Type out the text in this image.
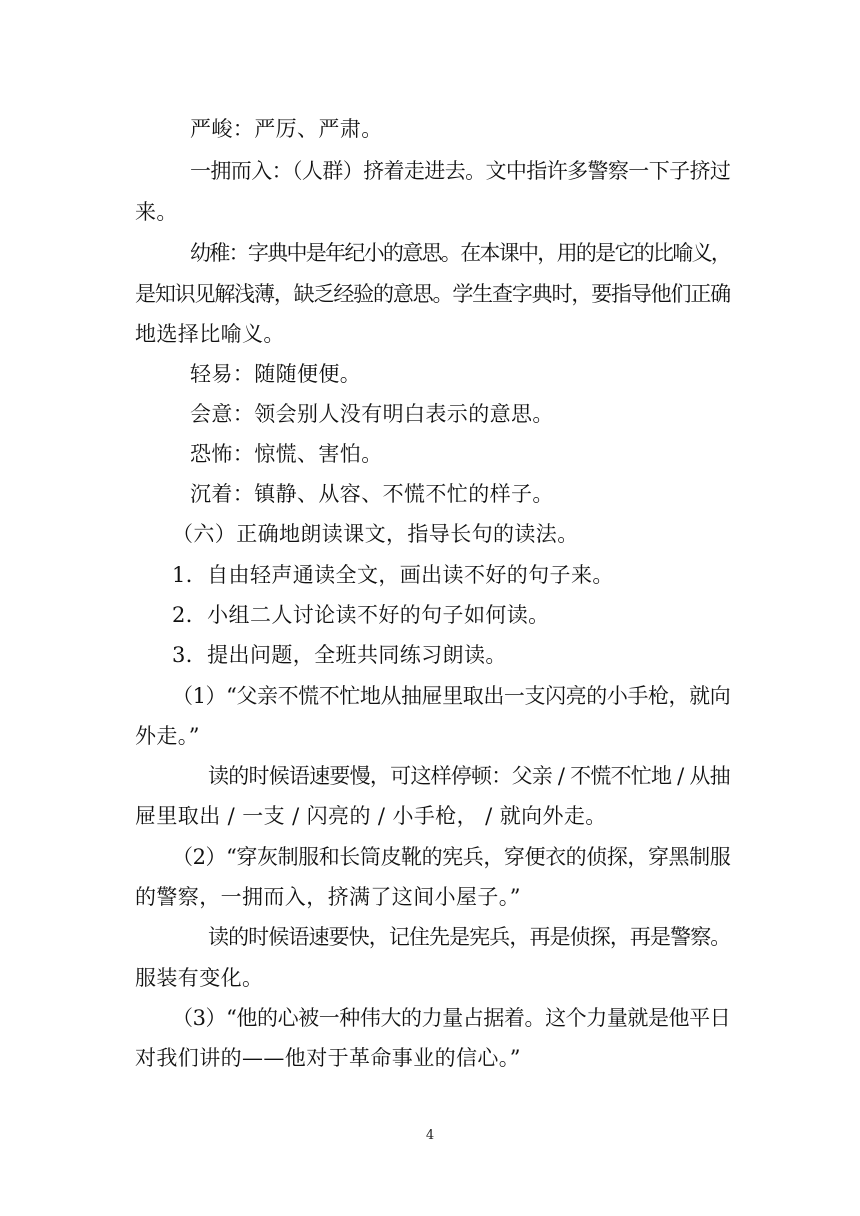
严峻：严厉、严肃。
一拥而入：（人群）挤着走进去。文中指许多警察一下子挤过
来。
幼稚：字典中是年纪小的意思。在本课中，用的是它的比喻义，
是知识见解浅薄，缺乏经验的意思。学生查字典时，要指导他们正确
地选择比喻义。
轻易：随随便便。
会意：领会别人没有明白表示的意思。
恐怖：惊慌、害怕。
沉着：镇静、从容、不慌不忙的样子。
（六）正确地朗读课文，指导长句的读法。
1．自由轻声通读全文，画出读不好的句子来。
2．小组二人讨论读不好的句子如何读。
3．提出问题，全班共同练习朗读。
（1）“父亲不慌不忙地从抽屉里取出一支闪亮的小手枪，就向
外走。”
读的时候语速要慢，可这样停顿：父亲 / 不慌不忙地 / 从抽
屉里取出 / 一支 / 闪亮的 / 小手枪， / 就向外走。
（2）“穿灰制服和长筒皮靴的宪兵，穿便衣的侦探，穿黑制服
的警察，一拥而入，挤满了这间小屋子。”
读的时候语速要快，记住先是宪兵，再是侦探，再是警察。
服装有变化。
（3）“他的心被一种伟大的力量占据着。这个力量就是他平日
对我们讲的——他对于革命事业的信心。”
4
